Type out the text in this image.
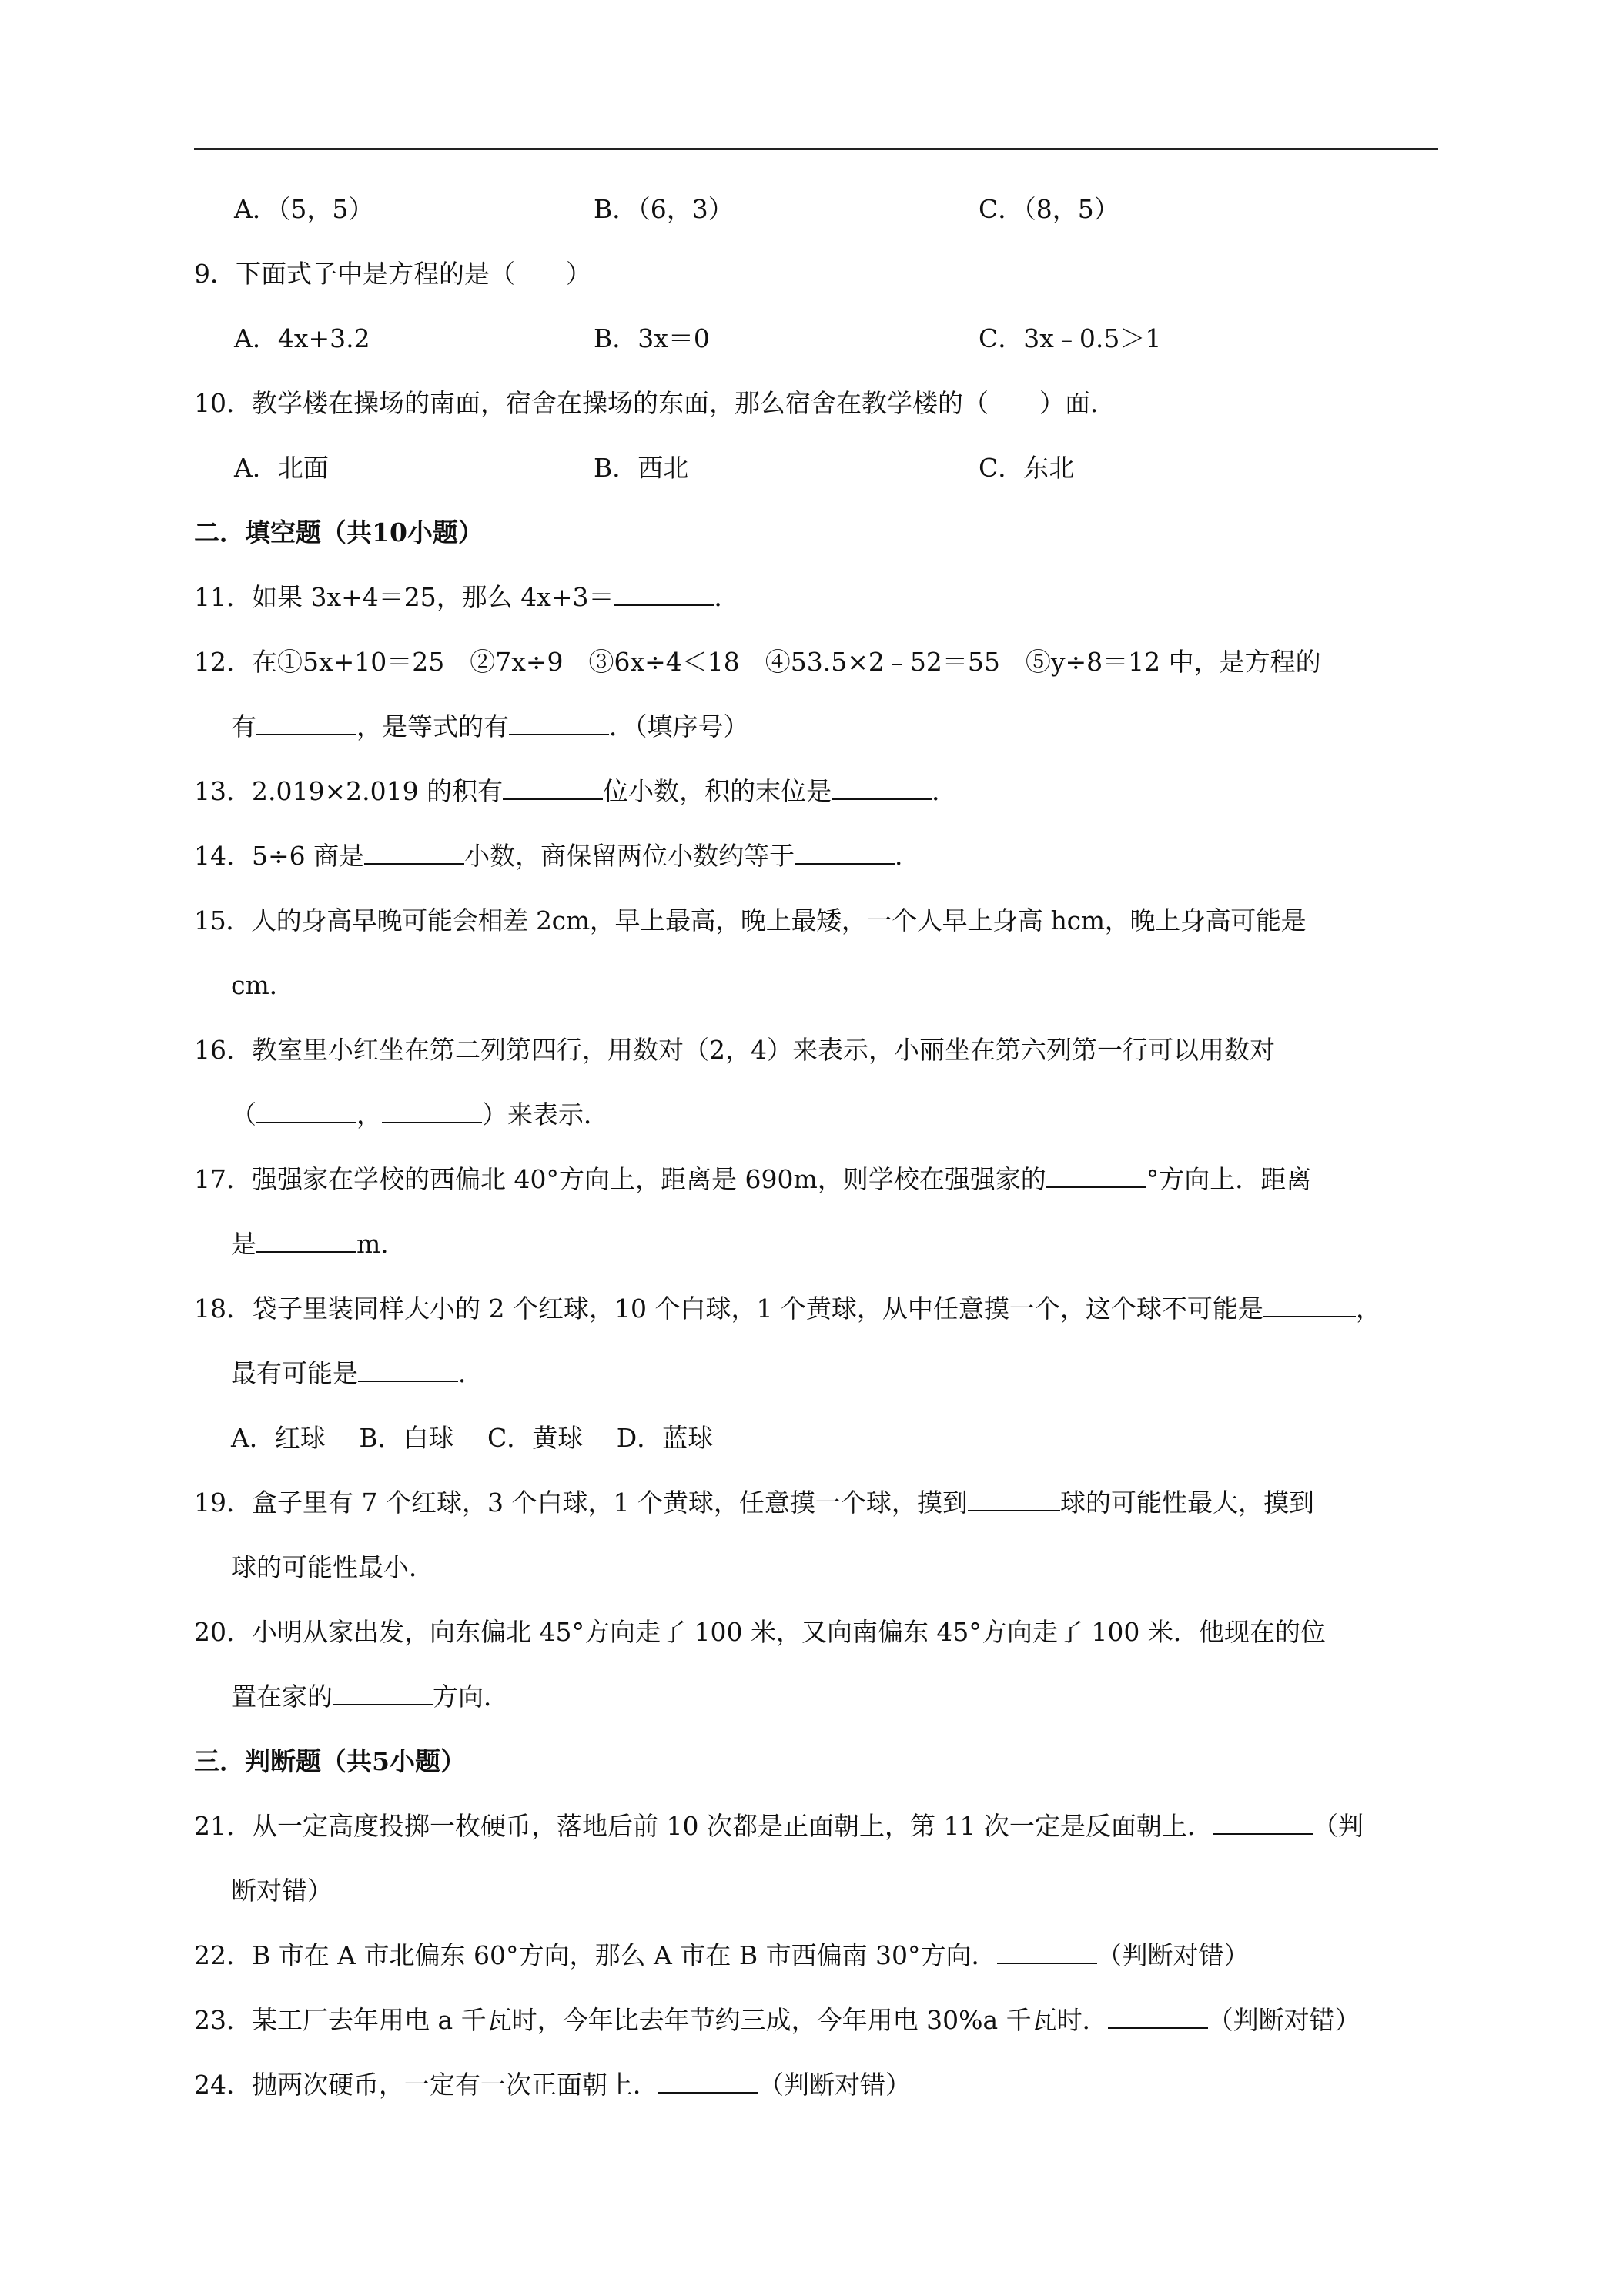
A．（5，5）	B．（6，3）	C．（8，5）
9．下面式子中是方程的是（　　）
A．4x+3.2	B．3x＝0	C．3x﹣0.5＞1
10．教学楼在操场的南面，宿舍在操场的东面，那么宿舍在教学楼的（　　）面．
A．北面	B．西北	C．东北
二．填空题（共10小题）
11．如果 3x+4＝25，那么 4x+3＝	．
12．在①5x+10＝25　②7x÷9　③6x÷4＜18　④53.5×2﹣52＝55　⑤y÷8＝12 中，是方程的
有	，是等式的有	．（填序号）
13．2.019×2.019 的积有	位小数，积的末位是	．
14．5÷6 商是	小数，商保留两位小数约等于	．
15．人的身高早晚可能会相差 2cm，早上最高，晚上最矮，一个人早上身高 hcm，晚上身高可能是
cm．
16．教室里小红坐在第二列第四行，用数对（2，4）来表示，小丽坐在第六列第一行可以用数对
（	，	）来表示．
17．强强家在学校的西偏北 40°方向上，距离是 690m，则学校在强强家的	°方向上．距离
是	m．
18．袋子里装同样大小的 2 个红球，10 个白球，1 个黄球，从中任意摸一个，这个球不可能是	，
最有可能是	．
A．红球　 B．白球　 C．黄球　 D．蓝球
19．盒子里有 7 个红球，3 个白球，1 个黄球，任意摸一个球，摸到	球的可能性最大，摸到
球的可能性最小．
20．小明从家出发，向东偏北 45°方向走了 100 米，又向南偏东 45°方向走了 100 米．他现在的位
置在家的	方向．
三．判断题（共5小题）
21．从一定高度投掷一枚硬币，落地后前 10 次都是正面朝上，第 11 次一定是反面朝上．	（判
断对错）
22．B 市在 A 市北偏东 60°方向，那么 A 市在 B 市西偏南 30°方向．	（判断对错）
23．某工厂去年用电 a 千瓦时，今年比去年节约三成，今年用电 30%a 千瓦时．	（判断对错）
24．抛两次硬币，一定有一次正面朝上．	（判断对错）
